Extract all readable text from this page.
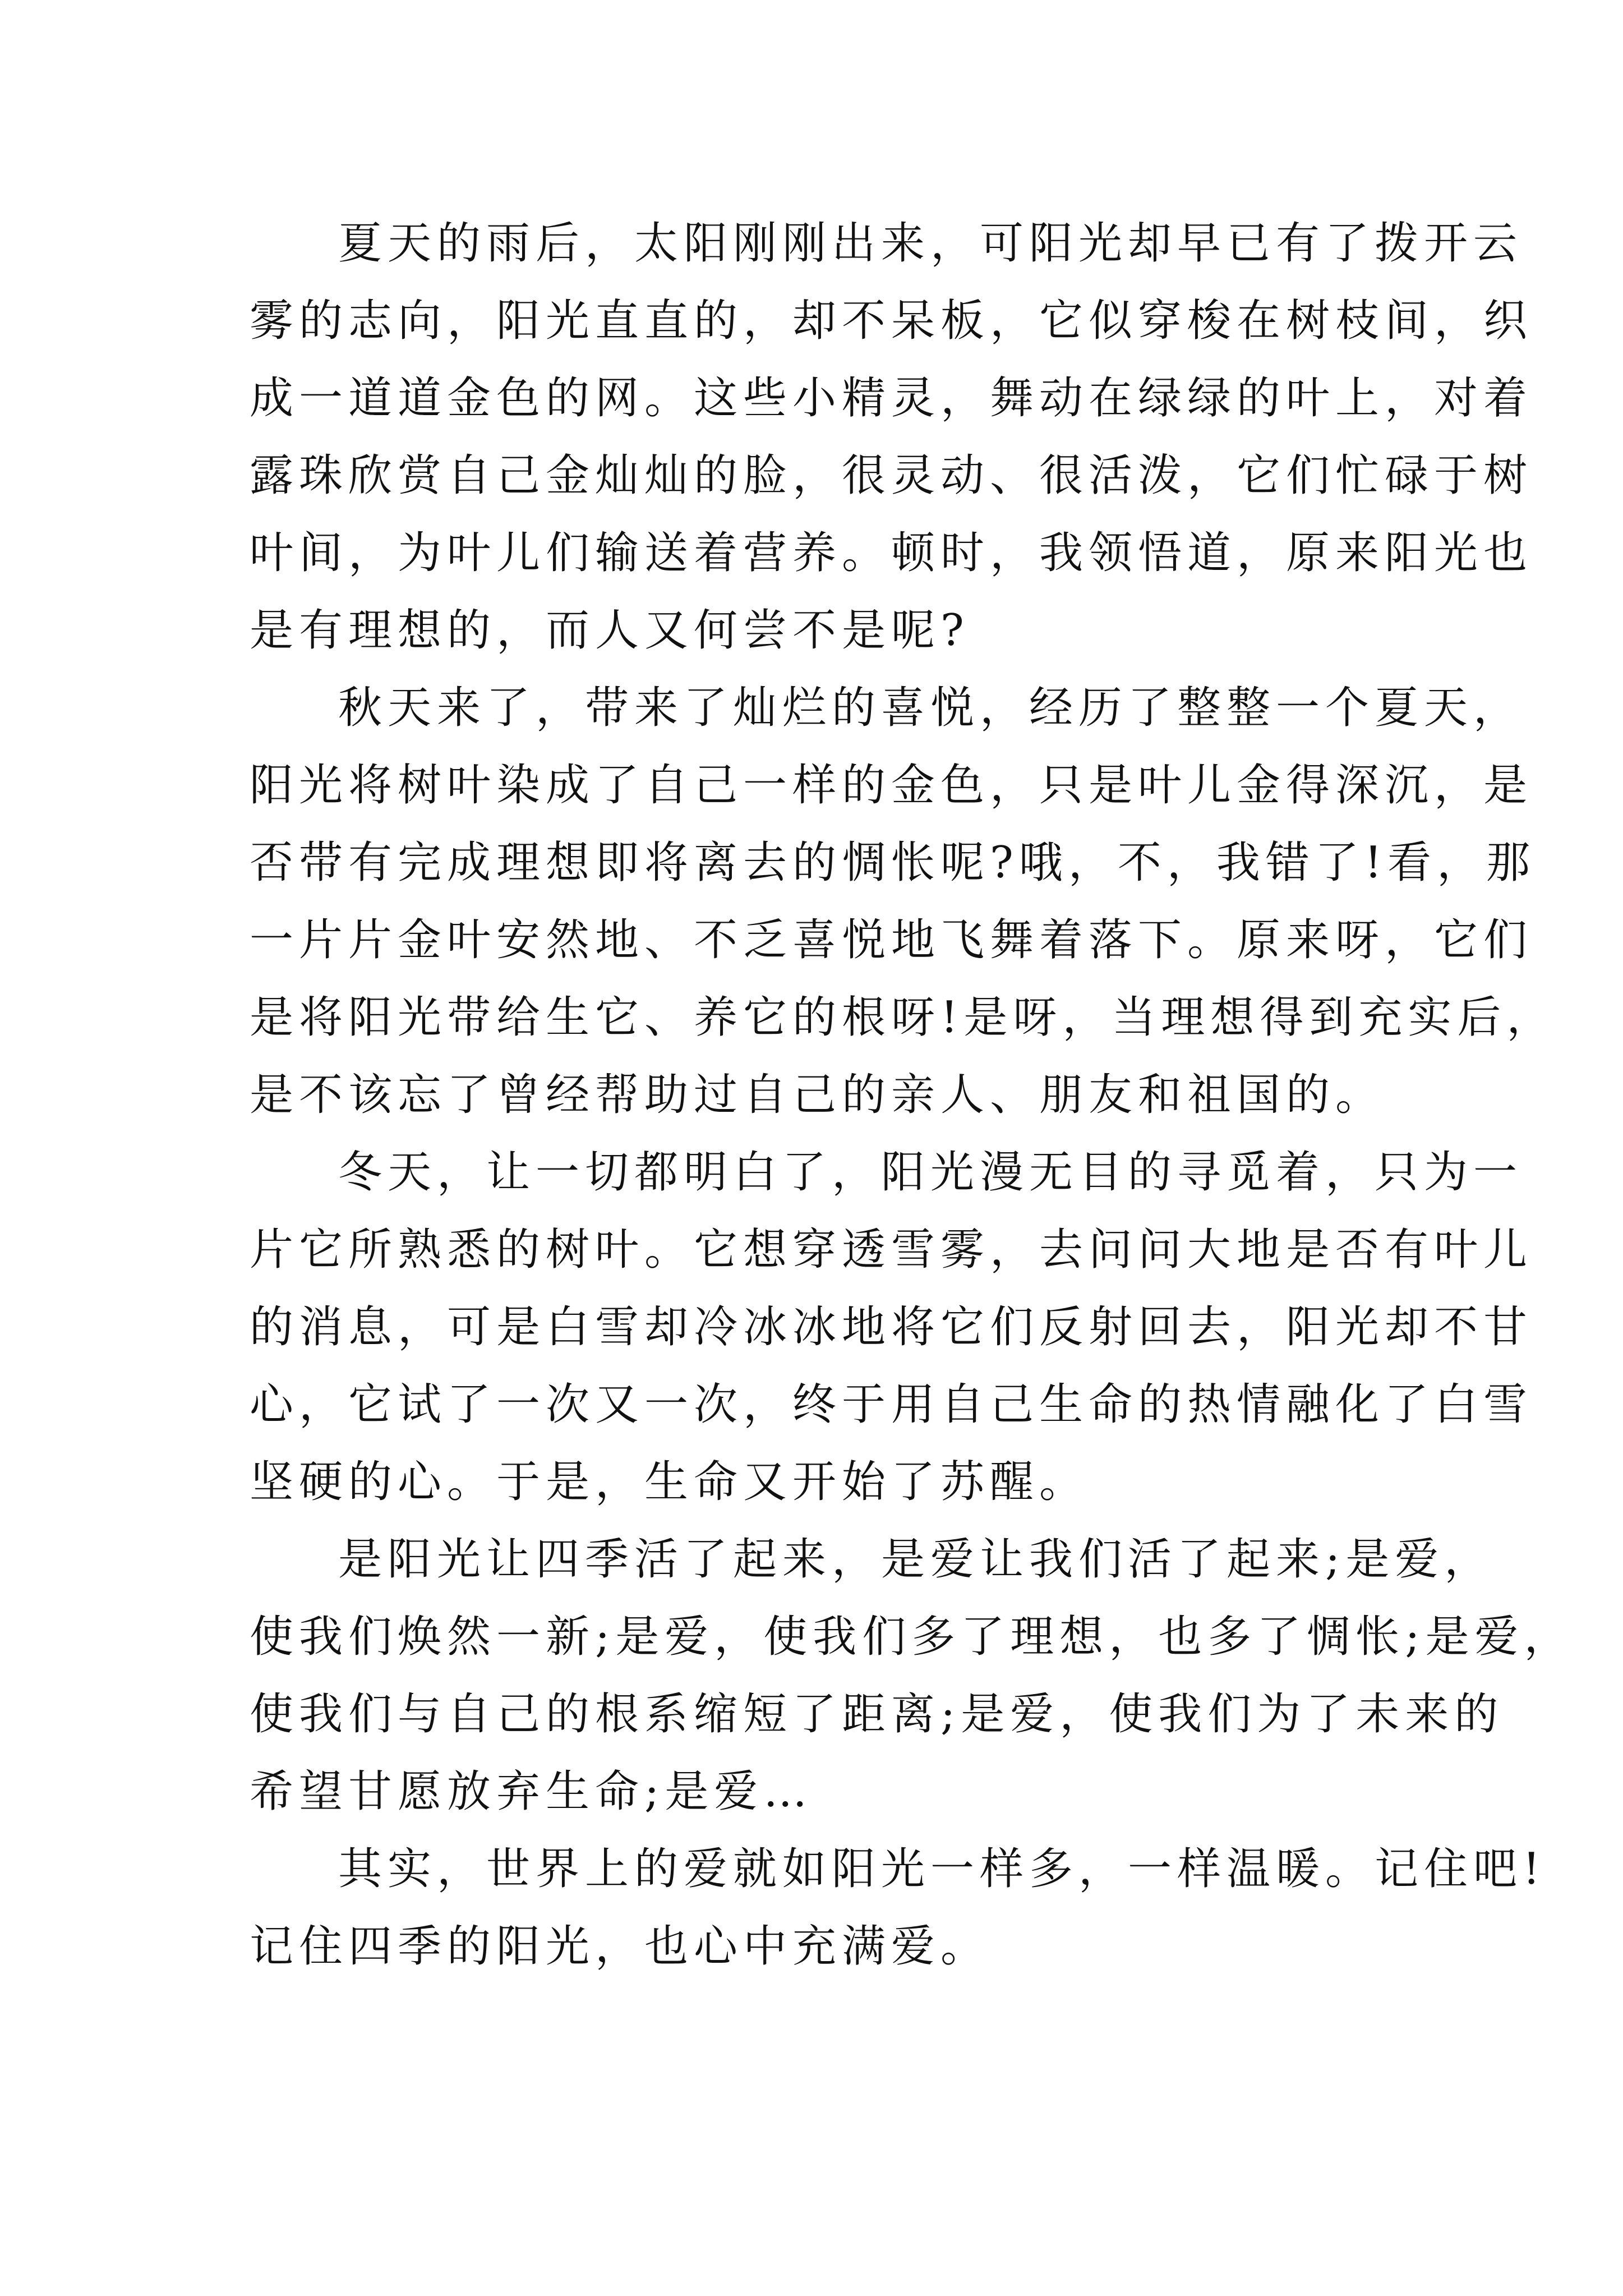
夏天的雨后，太阳刚刚出来，可阳光却早已有了拨开云
雾的志向，阳光直直的，却不呆板，它似穿梭在树枝间，织
成一道道金色的网。这些小精灵，舞动在绿绿的叶上，对着
露珠欣赏自己金灿灿的脸，很灵动、很活泼，它们忙碌于树
叶间，为叶儿们输送着营养。顿时，我领悟道，原来阳光也
是有理想的，而人又何尝不是呢?
秋天来了，带来了灿烂的喜悦，经历了整整一个夏天，
阳光将树叶染成了自己一样的金色，只是叶儿金得深沉，是
否带有完成理想即将离去的惆怅呢?哦，不，我错了!看，那
一片片金叶安然地、不乏喜悦地飞舞着落下。原来呀，它们
是将阳光带给生它、养它的根呀!是呀，当理想得到充实后，
是不该忘了曾经帮助过自己的亲人、朋友和祖国的。
冬天，让一切都明白了，阳光漫无目的寻觅着，只为一
片它所熟悉的树叶。它想穿透雪雾，去问问大地是否有叶儿
的消息，可是白雪却冷冰冰地将它们反射回去，阳光却不甘
心，它试了一次又一次，终于用自己生命的热情融化了白雪
坚硬的心。于是，生命又开始了苏醒。
是阳光让四季活了起来，是爱让我们活了起来;是爱，
使我们焕然一新;是爱，使我们多了理想，也多了惆怅;是爱，
使我们与自己的根系缩短了距离;是爱，使我们为了未来的
希望甘愿放弃生命;是爱…
其实，世界上的爱就如阳光一样多，一样温暖。记住吧!
记住四季的阳光，也心中充满爱。
